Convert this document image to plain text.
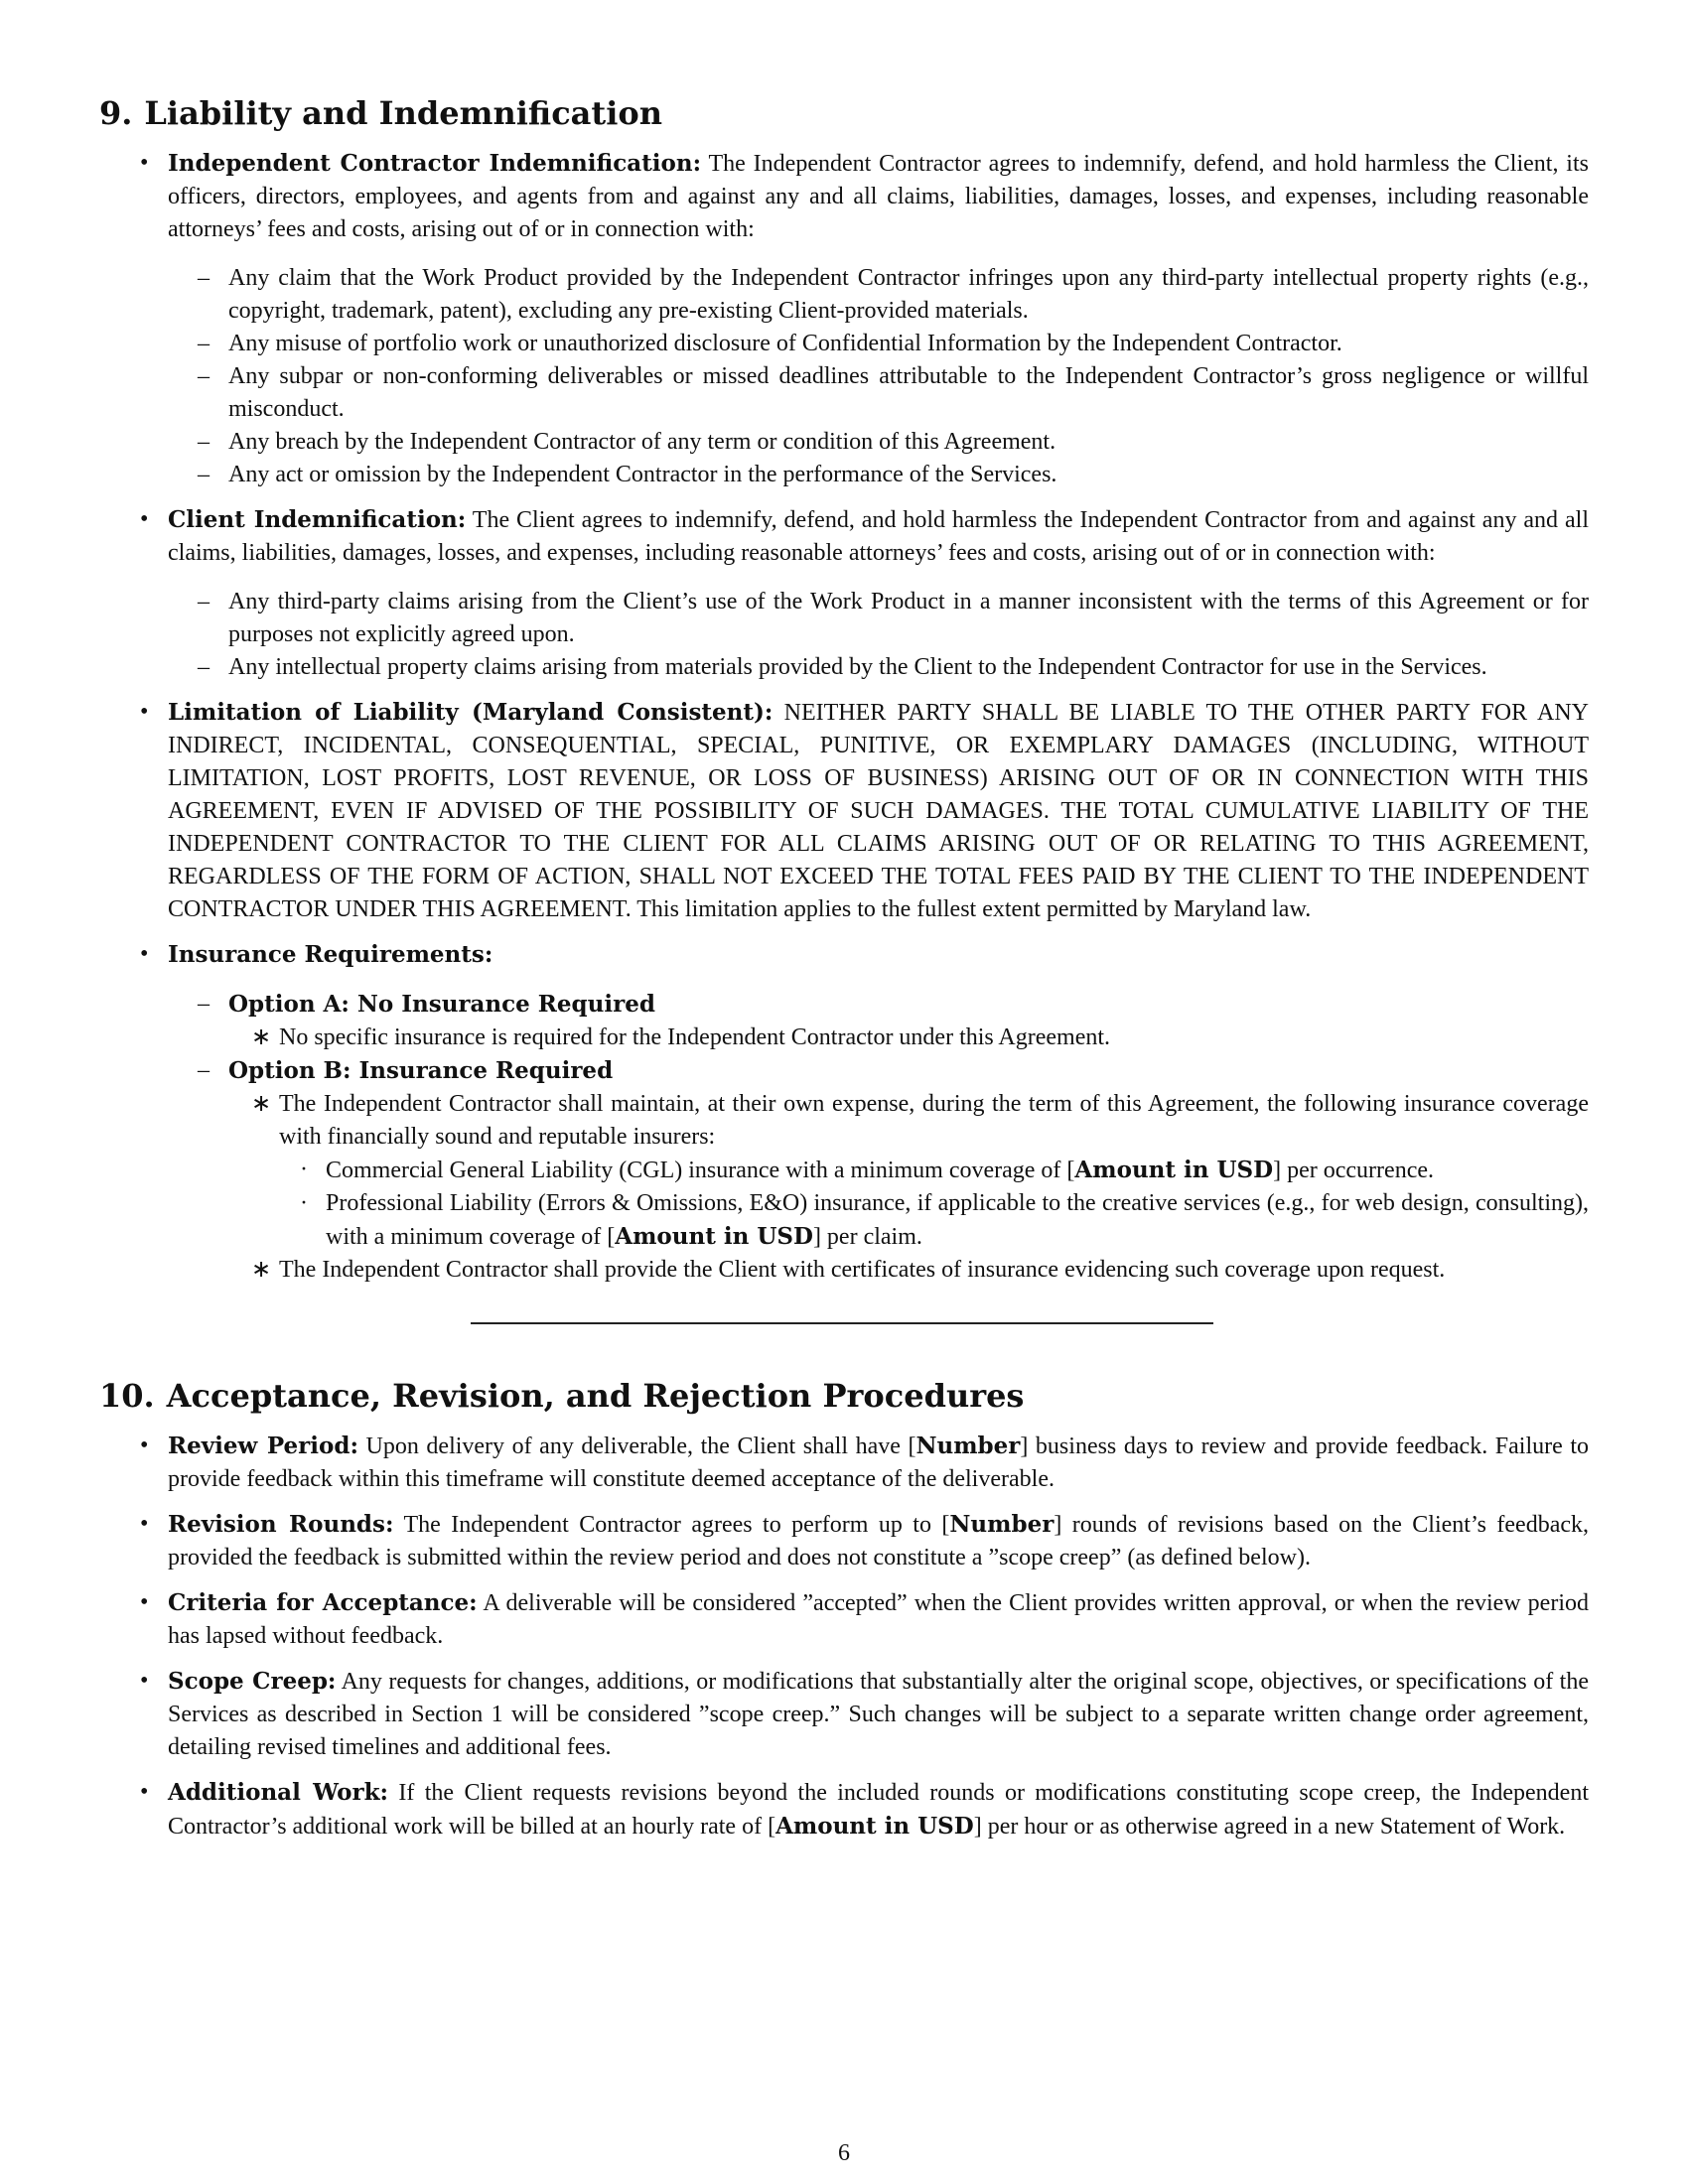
9. Liability and Indemnification
• Independent Contractor Indemnification: The Independent Contractor agrees to indemnify, defend, and hold harmless the Client, its officers, directors, employees, and agents from and against any and all claims, liabilities, damages, losses, and expenses, including reasonable attorneys’ fees and costs, arising out of or in connection with:
– Any claim that the Work Product provided by the Independent Contractor infringes upon any third-party intellectual property rights (e.g., copyright, trademark, patent), excluding any pre-existing Client-provided materials.
– Any misuse of portfolio work or unauthorized disclosure of Confidential Information by the Independent Contractor.
– Any subpar or non-conforming deliverables or missed deadlines attributable to the Independent Contractor’s gross negligence or willful misconduct.
– Any breach by the Independent Contractor of any term or condition of this Agreement.
– Any act or omission by the Independent Contractor in the performance of the Services.
• Client Indemnification: The Client agrees to indemnify, defend, and hold harmless the Independent Contractor from and against any and all claims, liabilities, damages, losses, and expenses, including reasonable attorneys’ fees and costs, arising out of or in connection with:
– Any third-party claims arising from the Client’s use of the Work Product in a manner inconsistent with the terms of this Agreement or for purposes not explicitly agreed upon.
– Any intellectual property claims arising from materials provided by the Client to the Independent Contractor for use in the Services.
• Limitation of Liability (Maryland Consistent): NEITHER PARTY SHALL BE LIABLE TO THE OTHER PARTY FOR ANY INDIRECT, INCIDENTAL, CONSEQUENTIAL, SPECIAL, PUNITIVE, OR EXEMPLARY DAMAGES (INCLUDING, WITHOUT LIMITATION, LOST PROFITS, LOST REVENUE, OR LOSS OF BUSINESS) ARISING OUT OF OR IN CONNECTION WITH THIS AGREEMENT, EVEN IF ADVISED OF THE POSSIBILITY OF SUCH DAMAGES. THE TOTAL CUMULATIVE LIABILITY OF THE INDEPENDENT CONTRACTOR TO THE CLIENT FOR ALL CLAIMS ARISING OUT OF OR RELATING TO THIS AGREEMENT, REGARDLESS OF THE FORM OF ACTION, SHALL NOT EXCEED THE TOTAL FEES PAID BY THE CLIENT TO THE INDEPENDENT CONTRACTOR UNDER THIS AGREEMENT. This limitation applies to the fullest extent permitted by Maryland law.
• Insurance Requirements:
– Option A: No Insurance Required
∗ No specific insurance is required for the Independent Contractor under this Agreement.
– Option B: Insurance Required
∗ The Independent Contractor shall maintain, at their own expense, during the term of this Agreement, the following insurance coverage with financially sound and reputable insurers:
· Commercial General Liability (CGL) insurance with a minimum coverage of [Amount in USD] per occurrence.
· Professional Liability (Errors & Omissions, E&O) insurance, if applicable to the creative services (e.g., for web design, consulting), with a minimum coverage of [Amount in USD] per claim.
∗ The Independent Contractor shall provide the Client with certificates of insurance evidencing such coverage upon request.
10. Acceptance, Revision, and Rejection Procedures
• Review Period: Upon delivery of any deliverable, the Client shall have [Number] business days to review and provide feedback. Failure to provide feedback within this timeframe will constitute deemed acceptance of the deliverable.
• Revision Rounds: The Independent Contractor agrees to perform up to [Number] rounds of revisions based on the Client’s feedback, provided the feedback is submitted within the review period and does not constitute a ”scope creep” (as defined below).
• Criteria for Acceptance: A deliverable will be considered ”accepted” when the Client provides written approval, or when the review period has lapsed without feedback.
• Scope Creep: Any requests for changes, additions, or modifications that substantially alter the original scope, objectives, or specifications of the Services as described in Section 1 will be considered ”scope creep.” Such changes will be subject to a separate written change order agreement, detailing revised timelines and additional fees.
• Additional Work: If the Client requests revisions beyond the included rounds or modifications constituting scope creep, the Independent Contractor’s additional work will be billed at an hourly rate of [Amount in USD] per hour or as otherwise agreed in a new Statement of Work.
6
